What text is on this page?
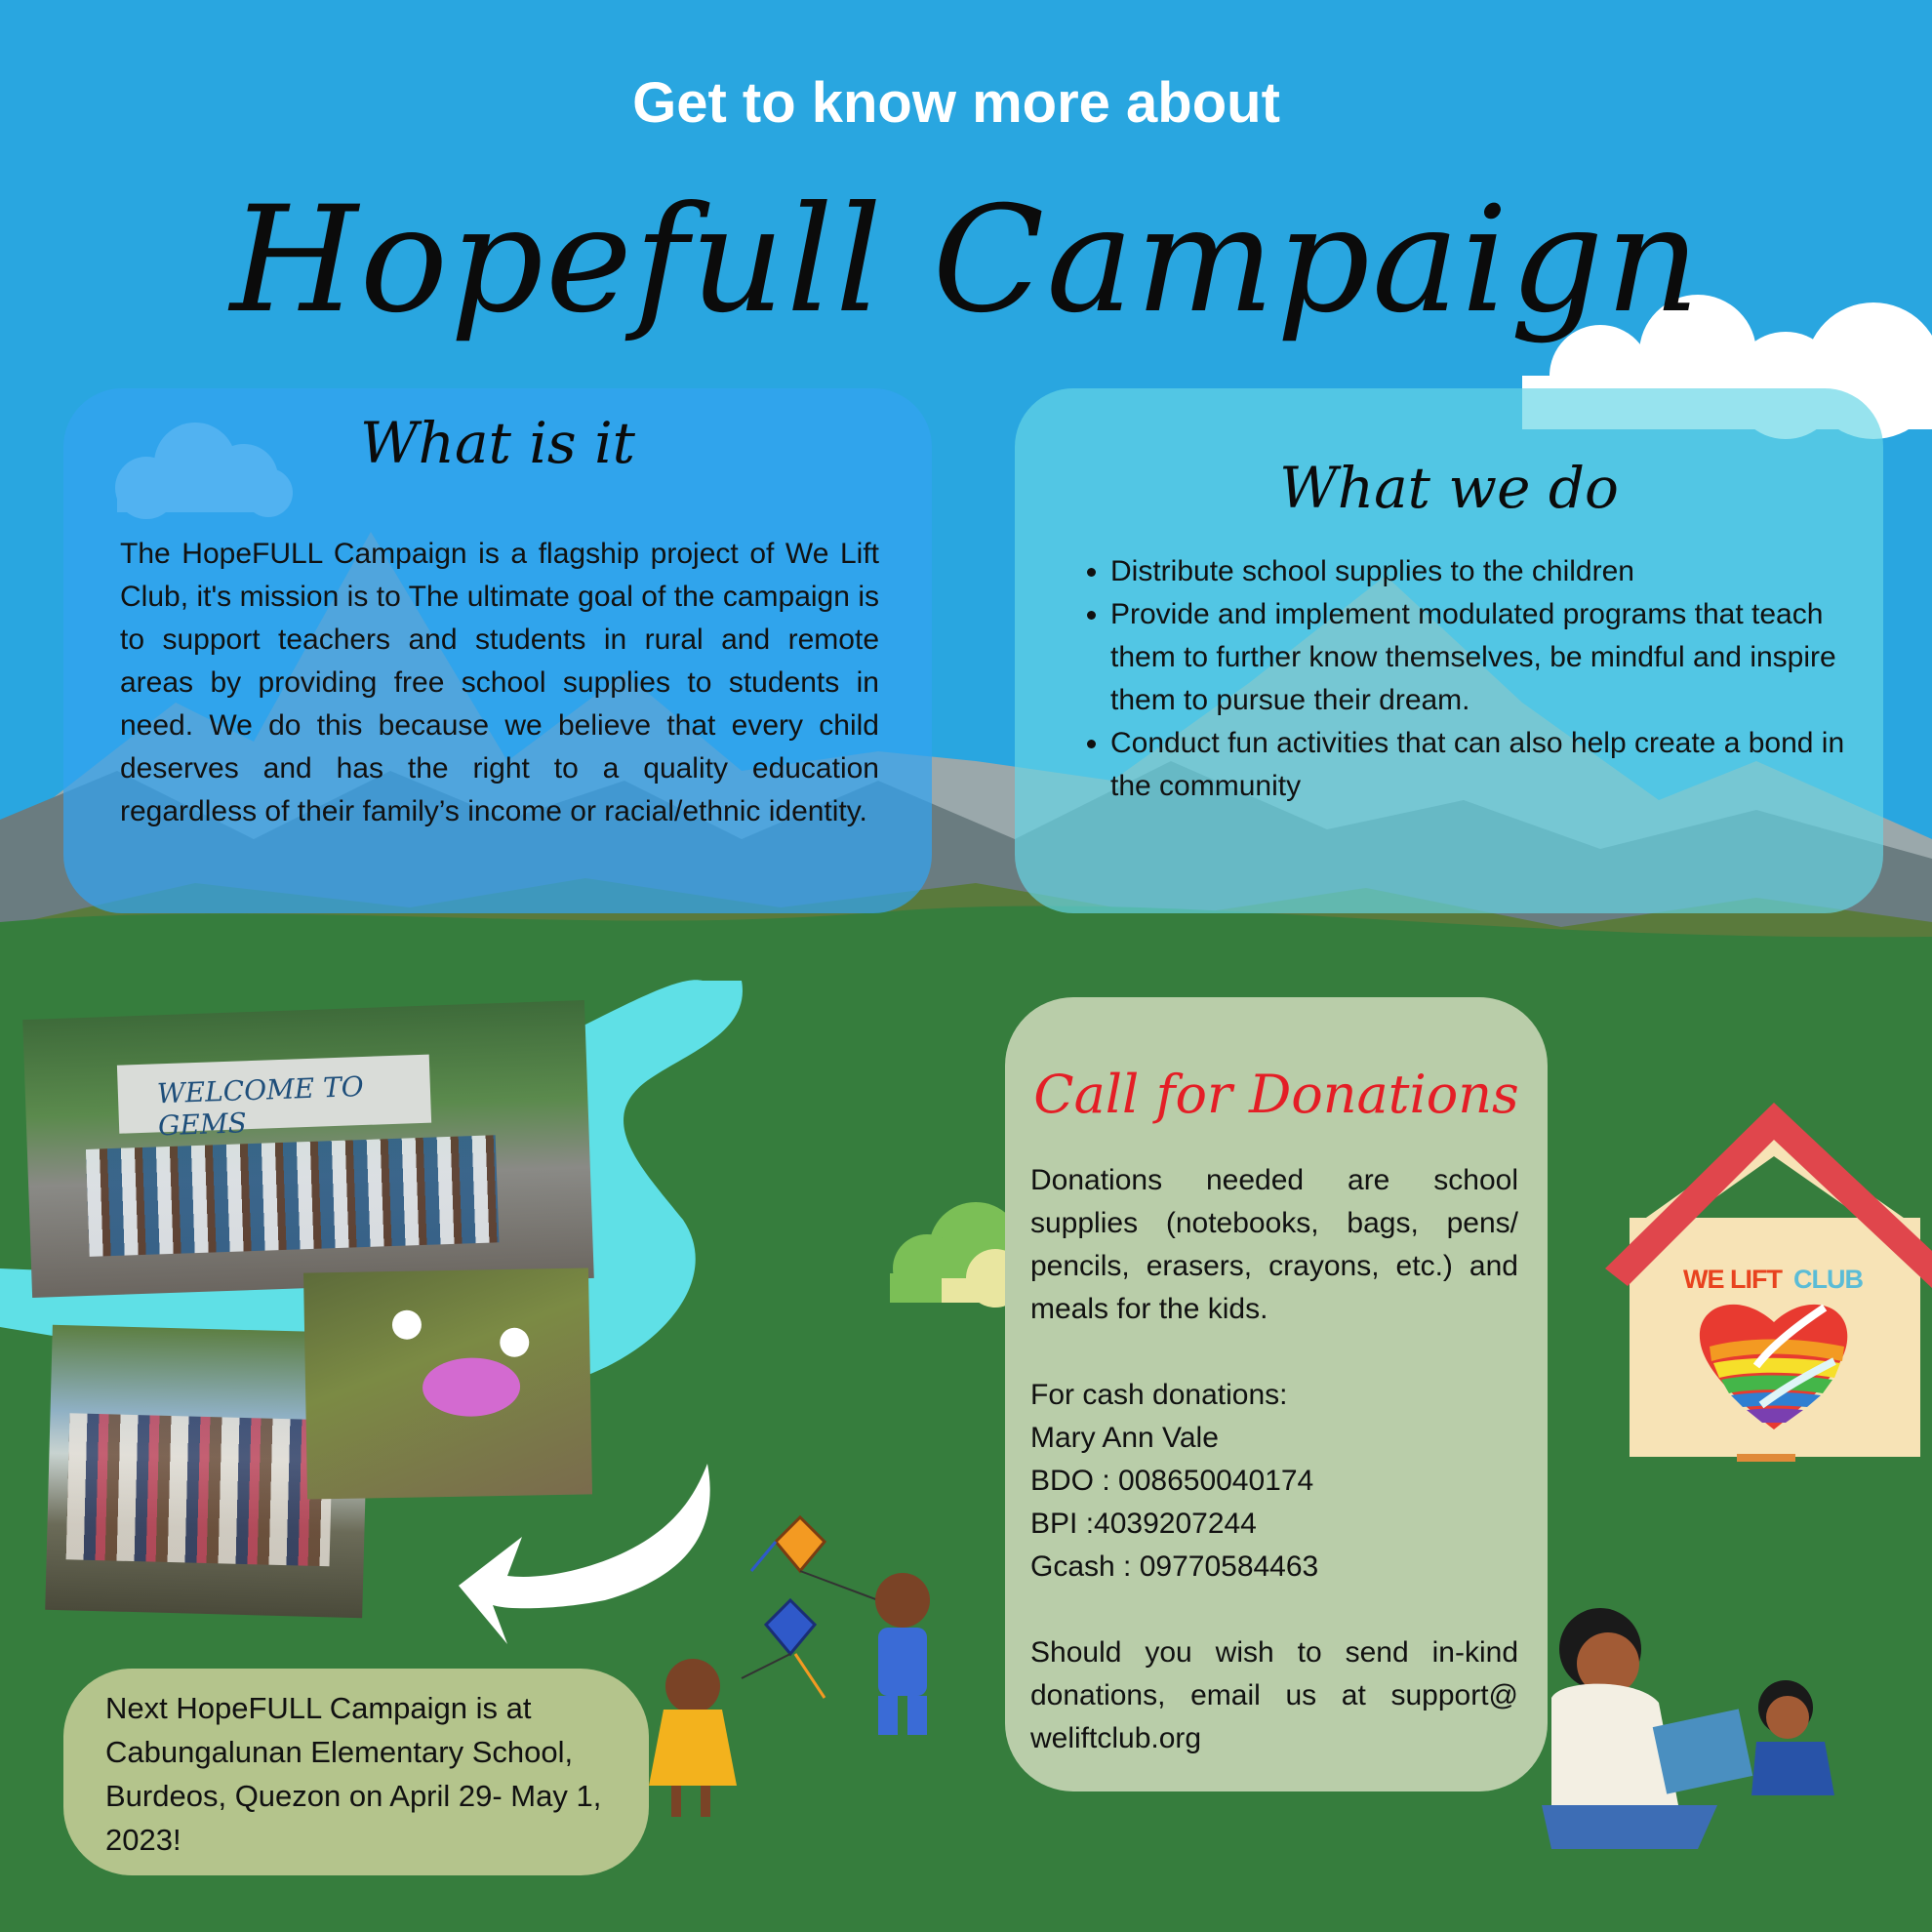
Get to know more about
Hopefull Campaign
What is it
The HopeFULL Campaign is a flagship project of We Lift Club, it's mission is to The ultimate goal of the campaign is to support teachers and students in rural and remote areas by providing free school supplies to students in need. We do this because we believe that every child deserves and has the right to a quality education regardless of their family’s income or racial/ethnic identity.
What we do
• Distribute school supplies to the children
• Provide and implement modulated programs that teach them to further know themselves, be mindful and inspire them to pursue their dream.
• Conduct fun activities that can also help create a bond in the community
WELCOME TO GEMS	Call for Donations
Donations needed are school supplies (notebooks, bags, pens/ pencils, erasers, crayons, etc.) and meals for the kids.
For cash donations:
Mary Ann Vale
BDO : 008650040174
BPI :4039207244
Gcash : 09770584463
Should you wish to send in-kind donations, email us at support@ weliftclub.org
WE LIFT CLUB
Next HopeFULL Campaign is at Cabungalunan Elementary School, Burdeos, Quezon on April 29- May 1, 2023!
